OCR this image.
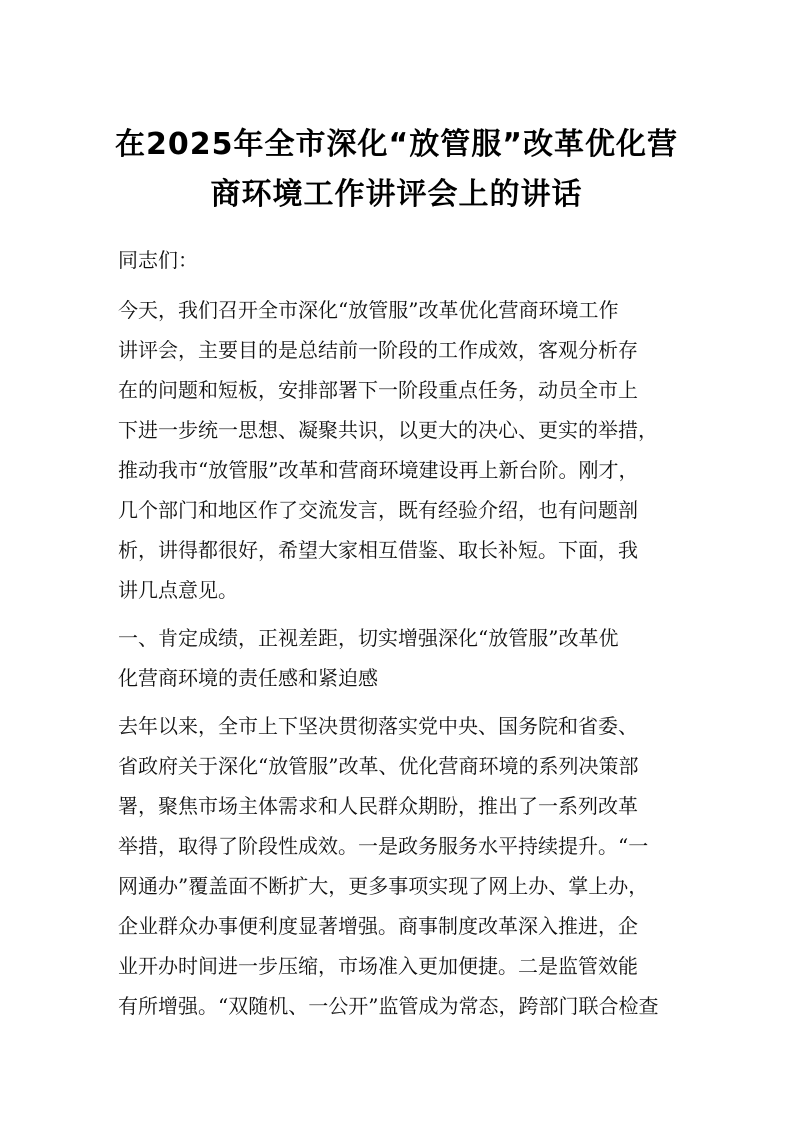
在2025年全市深化“放管服”改革优化营
商环境工作讲评会上的讲话
同志们：
今天，我们召开全市深化“放管服”改革优化营商环境工作
讲评会，主要目的是总结前一阶段的工作成效，客观分析存
在的问题和短板，安排部署下一阶段重点任务，动员全市上
下进一步统一思想、凝聚共识，以更大的决心、更实的举措，
推动我市“放管服”改革和营商环境建设再上新台阶。刚才，
几个部门和地区作了交流发言，既有经验介绍，也有问题剖
析，讲得都很好，希望大家相互借鉴、取长补短。下面，我
讲几点意见。
一、肯定成绩，正视差距，切实增强深化“放管服”改革优
化营商环境的责任感和紧迫感
去年以来，全市上下坚决贯彻落实党中央、国务院和省委、
省政府关于深化“放管服”改革、优化营商环境的系列决策部
署，聚焦市场主体需求和人民群众期盼，推出了一系列改革
举措，取得了阶段性成效。一是政务服务水平持续提升。“一
网通办”覆盖面不断扩大，更多事项实现了网上办、掌上办，
企业群众办事便利度显著增强。商事制度改革深入推进，企
业开办时间进一步压缩，市场准入更加便捷。二是监管效能
有所增强。“双随机、一公开”监管成为常态，跨部门联合检查
